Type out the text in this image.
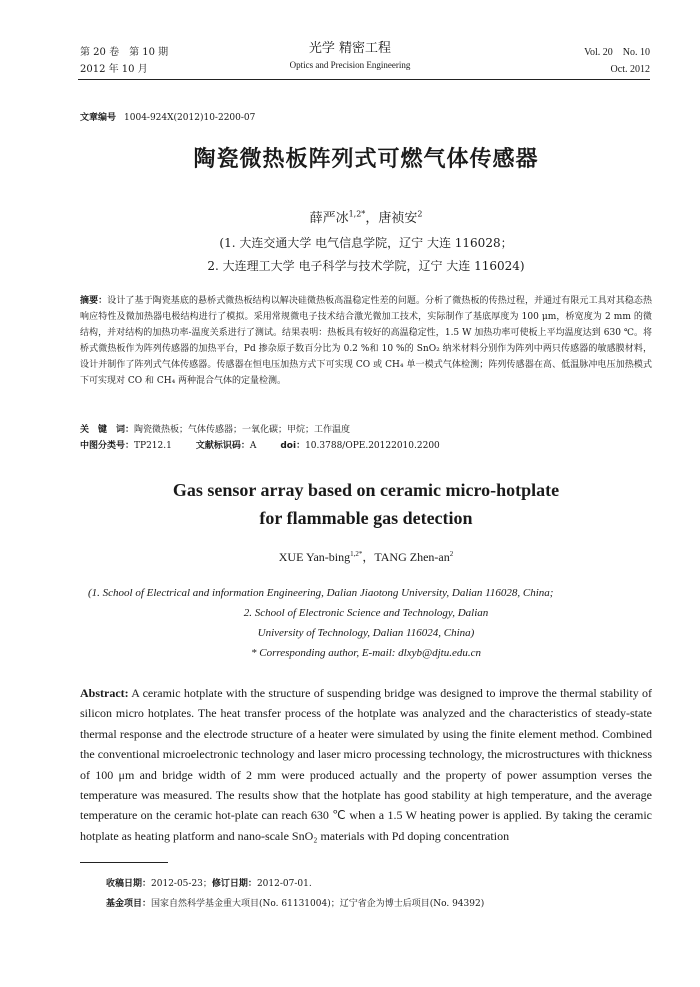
第 20 卷　第 10 期
2012 年 10 月
光学 精密工程
Optics and Precision Engineering
Vol. 20　No. 10
Oct. 2012
文章编号 1004-924X(2012)10-2200-07
陶瓷微热板阵列式可燃气体传感器
薛严冰$^{1,2*}$，唐祯安$^2$
(1. 大连交通大学 电气信息学院，辽宁 大连 116028；
2. 大连理工大学 电子科学与技术学院，辽宁 大连 116024)
摘要：设计了基于陶瓷基底的悬桥式微热板结构以解决硅微热板高温稳定性差的问题。分析了微热板的传热过程，并通过有限元工具对其稳态热响应特性及微加热器电极结构进行了模拟。采用常规微电子技术结合激光微加工技术，实际制作了基底厚度为 100 μm，桥宽度为 2 mm 的微结构，并对结构的加热功率-温度关系进行了测试。结果表明：热板具有较好的高温稳定性，1.5 W 加热功率可使板上平均温度达到 630 ℃。将桥式微热板作为阵列传感器的加热平台，Pd 掺杂原子数百分比为 0.2 %和 10 %的 SnO₂ 纳米材料分别作为阵列中两只传感器的敏感膜材料，设计并制作了阵列式气体传感器。传感器在恒电压加热方式下可实现 CO 或 CH₄ 单一模式气体检测；阵列传感器在高、低温脉冲电压加热模式下可实现对 CO 和 CH₄ 两种混合气体的定量检测。
关　键　词：陶瓷微热板；气体传感器；一氧化碳；甲烷；工作温度
中图分类号：TP212.1	文献标识码：A	doi：10.3788/OPE.20122010.2200
Gas sensor array based on ceramic micro-hotplate
for flammable gas detection
XUE Yan-bing$^{1,2*}$，TANG Zhen-$an^2$
(1. School of Electrical and information Engineering, Dalian Jiaotong University, Dalian 116028, China;
2. School of Electronic Science and Technology, Dalian
University of Technology, Dalian 116024, China)
* Corresponding author, E-mail: dlxyb@djtu.edu.cn
Abstract: A ceramic hotplate with the structure of suspending bridge was designed to improve the thermal stability of silicon micro hotplates. The heat transfer process of the hotplate was analyzed and the characteristics of steady-state thermal response and the electrode structure of a heater were simulated by using the finite element method. Combined the conventional microelectronic technology and laser micro processing technology, the microstructures with thickness of 100 μm and bridge width of 2 mm were produced actually and the property of power assumption verses the temperature was measured. The results show that the hotplate has good stability at high temperature, and the average temperature on the ceramic hot-plate can reach 630 ℃ when a 1.5 W heating power is applied. By taking the ceramic hotplate as heating platform and nano-scale SnO₂ materials with Pd doping concentration
收稿日期：2012-05-23；修订日期：2012-07-01.
基金项目：国家自然科学基金重大项目(No. 61131004)；辽宁省企为博士后项目(No. 94392)
